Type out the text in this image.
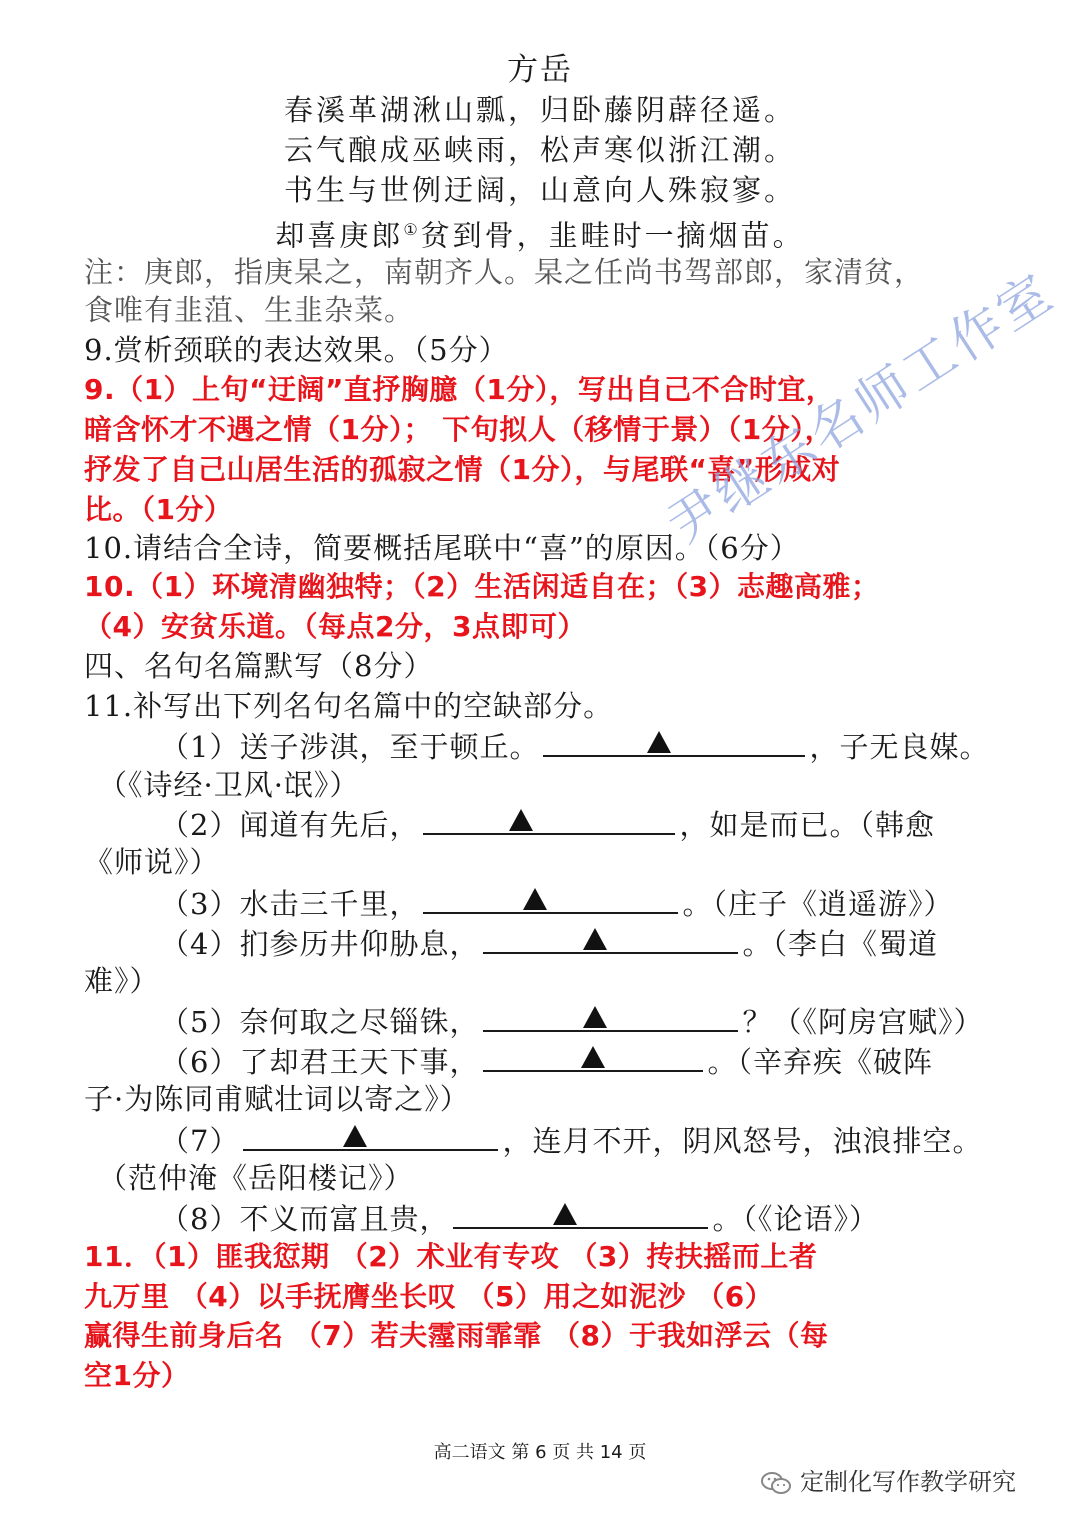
方岳
春溪革湖湫山瓢，归卧藤阴薜径遥。
云气酿成巫峡雨，松声寒似浙江潮。
书生与世例迂阔，山意向人殊寂寥。
却喜庚郎①贫到骨，韭畦时一摘烟苗。
注：庚郎，指庚杲之，南朝齐人。杲之任尚书驾部郎，家清贫，
食唯有韭菹、生韭杂菜。
9.赏析颈联的表达效果。（5分）
9.（1）上句“迂阔”直抒胸臆（1分），写出自己不合时宜，
暗含怀才不遇之情（1分）； 下句拟人（移情于景）（1分），
抒发了自己山居生活的孤寂之情（1分），与尾联“喜”形成对
比。（1分）
10.请结合全诗，简要概括尾联中“喜”的原因。（6分）
10.（1）环境清幽独特；（2）生活闲适自在；（3）志趣高雅；
（4）安贫乐道。（每点2分，3点即可）
四、名句名篇默写（8分）
11.补写出下列名句名篇中的空缺部分。
（1）送子涉淇，至于顿丘。	，子无良媒。
（《诗经·卫风·氓》）
（2）闻道有先后，	，如是而已。（韩愈
《师说》）
（3）水击三千里，	。（庄子《逍遥游》）
（4）扪参历井仰胁息，	。（李白《蜀道
难》）
（5）奈何取之尽锱铢，	？（《阿房宫赋》）
（6）了却君王天下事，	。（辛弃疾《破阵
子·为陈同甫赋壮词以寄之》）
（7）	，连月不开，阴风怒号，浊浪排空。
（范仲淹《岳阳楼记》）
（8）不义而富且贵，	。（《论语》）
11．（1）匪我愆期 （2）术业有专攻 （3）抟扶摇而上者
九万里 （4）以手抚膺坐长叹 （5）用之如泥沙 （6）
赢得生前身后名 （7）若夫霪雨霏霏 （8）于我如浮云（每
空1分）
尹继东名师工作室
高二语文 第 6 页 共 14 页
定制化写作教学研究
